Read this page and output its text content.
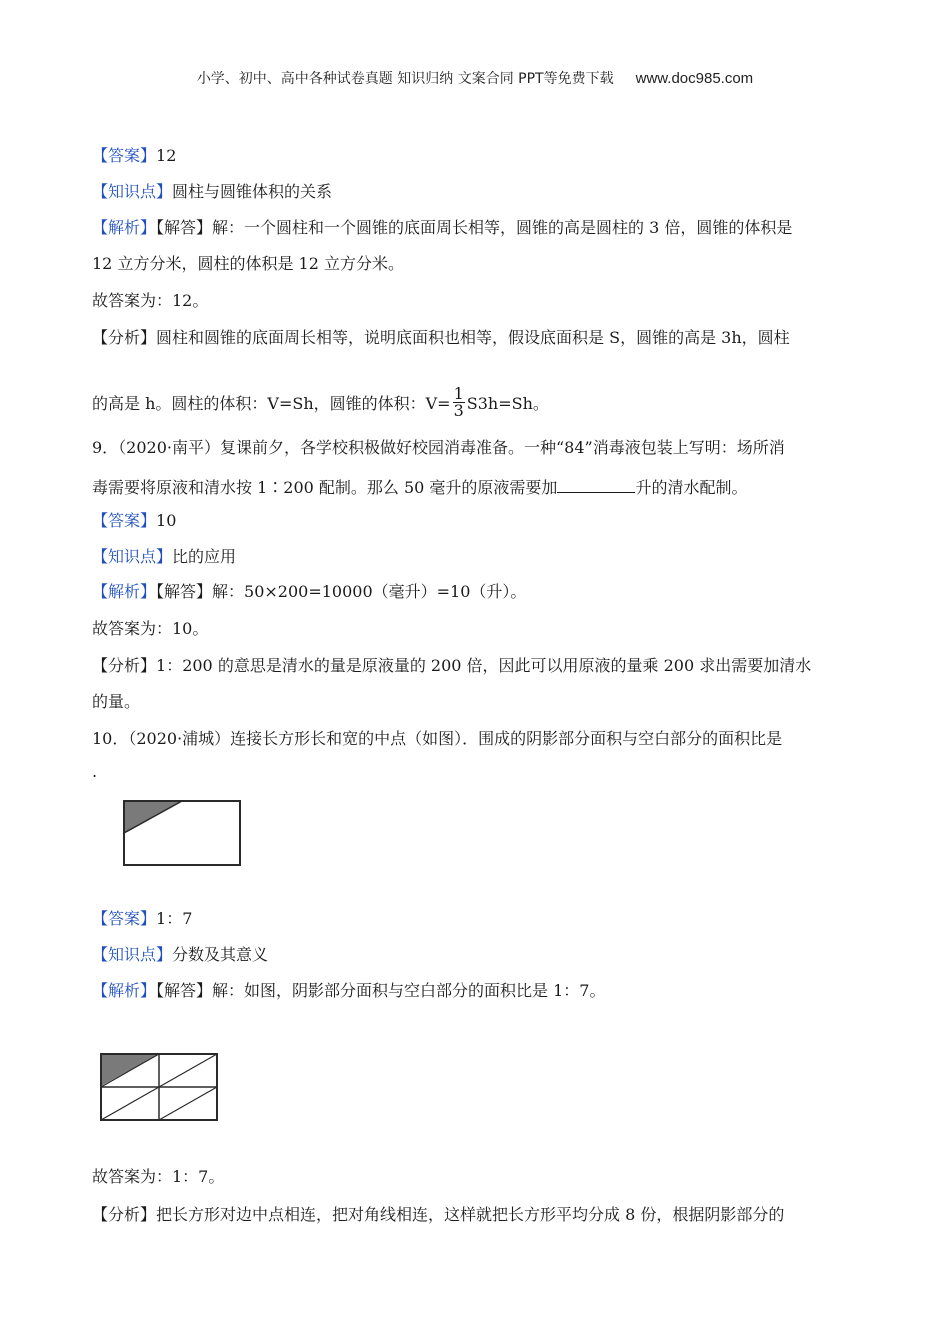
小学、初中、高中各种试卷真题 知识归纳 文案合同 PPT等免费下载 www.doc985.com
【答案】12
【知识点】圆柱与圆锥体积的关系
【解析】【解答】解：一个圆柱和一个圆锥的底面周长相等，圆锥的高是圆柱的 3 倍，圆锥的体积是
12 立方分米，圆柱的体积是 12 立方分米。
故答案为：12。
【分析】圆柱和圆锥的底面周长相等，说明底面积也相等，假设底面积是 S，圆锥的高是 3h，圆柱
的高是 h。圆柱的体积：V=Sh，圆锥的体积：$V= \frac{1}{3} S3h=Sh$。
9．（2020·南平）复课前夕，各学校积极做好校园消毒准备。一种“84”消毒液包装上写明：场所消
毒需要将原液和清水按 1∶200 配制。那么 50 毫升的原液需要加	升的清水配制。
【答案】10
【知识点】比的应用
【解析】【解答】解：50×200=10000（毫升）=10（升）。
故答案为：10。
【分析】1：200 的意思是清水的量是原液量的 200 倍，因此可以用原液的量乘 200 求出需要加清水
的量。
10．（2020·浦城）连接长方形长和宽的中点（如图）．围成的阴影部分面积与空白部分的面积比是
.
【答案】1：7
【知识点】分数及其意义
【解析】【解答】解：如图，阴影部分面积与空白部分的面积比是 1：7。
故答案为：1：7。
【分析】把长方形对边中点相连，把对角线相连，这样就把长方形平均分成 8 份，根据阴影部分的
